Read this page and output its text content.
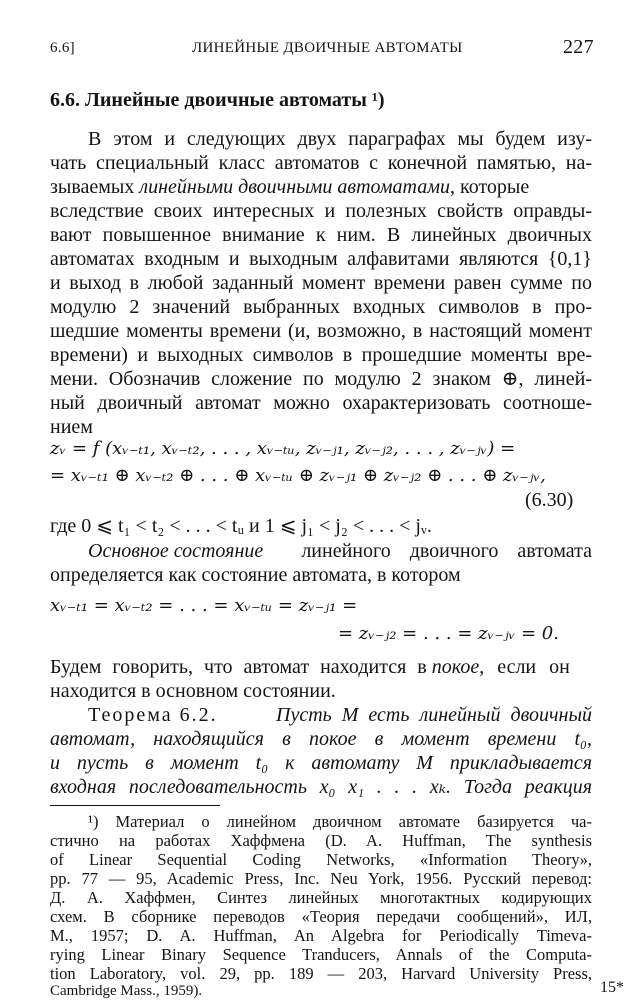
6.6]	ЛИНЕЙНЫЕ ДВОИЧНЫЕ АВТОМАТЫ	227
6.6. Линейные двоичные автоматы ¹)
В этом и следующих двух параграфах мы будем изу-
чать специальный класс автоматов с конечной памятью, на-
зываемых линейными двоичными автоматами, которые
вследствие своих интересных и полезных свойств оправды-
вают повышенное внимание к ним. В линейных двоичных
автоматах входным и выходным алфавитами являются {0,1}
и выход в любой заданный момент времени равен сумме по
модулю 2 значений выбранных входных символов в про-
шедшие моменты времени (и, возможно, в настоящий момент
времени) и выходных символов в прошедшие моменты вре-
мени. Обозначив сложение по модулю 2 знаком ⊕, линей-
ный двоичный автомат можно охарактеризовать соотноше-
нием
zᵥ = f (xᵥ₋ₜ₁, xᵥ₋ₜ₂, . . . , xᵥ₋ₜᵤ, zᵥ₋ⱼ₁, zᵥ₋ⱼ₂, . . . , zᵥ₋ⱼᵥ) =
= xᵥ₋ₜ₁ ⊕ xᵥ₋ₜ₂ ⊕ . . . ⊕ xᵥ₋ₜᵤ ⊕ zᵥ₋ⱼ₁ ⊕ zᵥ₋ⱼ₂ ⊕ . . . ⊕ zᵥ₋ⱼᵥ,
(6.30)
где 0 ⩽ t₁ < t₂ < . . . < tᵤ и 1 ⩽ j₁ < j₂ < . . . < jᵥ.
Основное состояние линейного двоичного автомата
определяется как состояние автомата, в котором
xᵥ₋ₜ₁ = xᵥ₋ₜ₂ = . . . = xᵥ₋ₜᵤ = zᵥ₋ⱼ₁ =
= zᵥ₋ⱼ₂ = . . . = zᵥ₋ⱼᵥ = 0.
Будем говорить, что автомат находится в
покое , если он
находится в основном состоянии.
Теорема 6.2.	Пусть M есть линейный двоичный
автомат, находящийся в покое в момент времени t₀,
и пусть в момент t₀ к автомату M прикладывается
входная последовательность x₀ x₁ . . . xₖ. Тогда реакция
¹) Материал о линейном двоичном автомате базируется ча-
стично на работах Хаффмена (D. A. Huffman, The synthesis
of Linear Sequential Coding Networks, «Information Theory»,
pp. 77 — 95, Academic Press, Inc. Neu York, 1956. Русский перевод:
Д. А. Хаффмен, Синтез линейных многотактных кодирующих
схем. В сборнике переводов «Теория передачи сообщений», ИЛ,
М., 1957; D. A. Huffman, An Algebra for Periodically Timeva-
rying Linear Binary Sequence Tranducers, Annals of the Computa-
tion Laboratory, vol. 29, pp. 189 — 203, Harvard University Press,
Cambridge Mass., 1959).	15*
